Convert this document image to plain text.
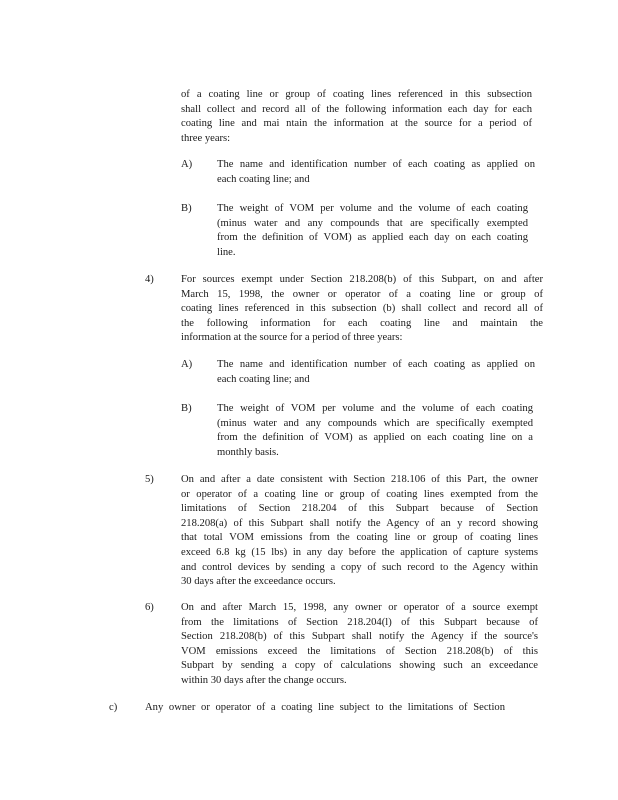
of a coating line or group of coating lines referenced in this subsection
shall collect and record all of the following information each day for each
coating line and mai ntain the information at the source for a period of
three years:
A) The name and identification number of each coating as applied on
each coating line; and
B) The weight of VOM per volume and the volume of each coating
(minus water and any compounds that are specifically exempted
from the definition of VOM) as applied each day on each coating
line.
4)	For sources exempt under Section 218.208(b) of this Subpart, on and after
March 15, 1998, the owner or operator of a coating line or group of
coating lines referenced in this subsection (b) shall collect and record all of
the following information for each coating line and maintain the
information at the source for a period of three years:
A) The name and identification number of each coating as applied on
each coating line; and
B) The weight of VOM per volume and the volume of each coating
(minus water and any compounds which are specifically exempted
from the definition of VOM) as applied on each coating line on a
monthly basis.
5)	On and after a date consistent with Section 218.106 of this Part, the owner
or operator of a coating line or group of coating lines exempted from the
limitations of Section 218.204 of this Subpart because of Section
218.208(a) of this Subpart shall notify the Agency of an y record showing
that total VOM emissions from the coating line or group of coating lines
exceed 6.8 kg (15 lbs) in any day before the application of capture systems
and control devices by sending a copy of such record to the Agency within
30 days after the exceedance occurs.
6)	On and after March 15, 1998, any owner or operator of a source exempt
from the limitations of Section 218.204(l) of this Subpart because of
Section 218.208(b) of this Subpart shall notify the Agency if the source's
VOM emissions exceed the limitations of Section 218.208(b) of this
Subpart by sending a copy of calculations showing such an exceedance
within 30 days after the change occurs.
c)	Any owner or operator of a coating line subject to the limitations of Section
